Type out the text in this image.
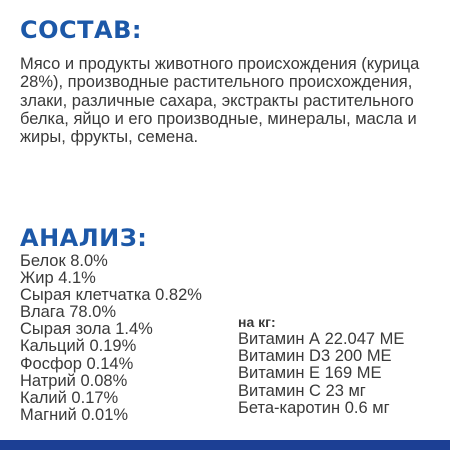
СОСТАВ:

Мясо и продукты животного происхождения (курица 28%), производные растительного происхождения, злаки, различные сахара, экстракты растительного белка, яйцо и его производные, минералы, масла и жиры, фрукты, семена.

АНАЛИЗ:
Белок 8.0%
Жир 4.1%
Сырая клетчатка 0.82%
Влага 78.0%
Сырая зола 1.4%
Кальций 0.19%
Фосфор 0.14%
Натрий 0.08%
Калий 0.17%
Магний 0.01%
на кг:
Витамин А 22.047 МЕ
Витамин D3 200 МЕ
Витамин Е 169 МЕ
Витамин С 23 мг
Бета-каротин 0.6 мг
